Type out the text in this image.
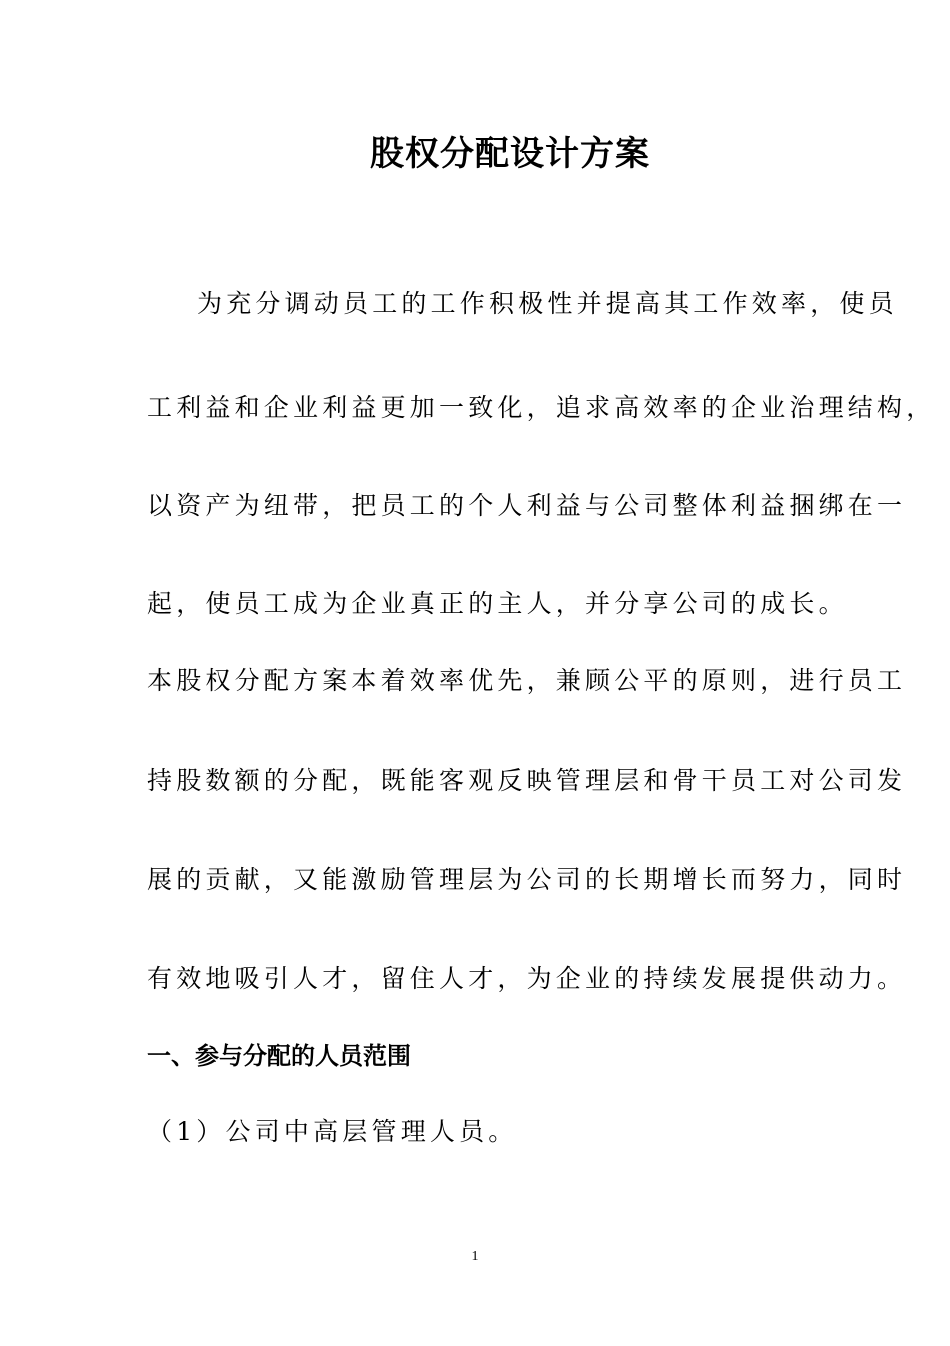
股权分配设计方案
为充分调动员工的工作积极性并提高其工作效率，使员
工利益和企业利益更加一致化，追求高效率的企业治理结构，
以资产为纽带，把员工的个人利益与公司整体利益捆绑在一
起，使员工成为企业真正的主人，并分享公司的成长。
本股权分配方案本着效率优先，兼顾公平的原则，进行员工
持股数额的分配，既能客观反映管理层和骨干员工对公司发
展的贡献，又能激励管理层为公司的长期增长而努力，同时
有效地吸引人才，留住人才，为企业的持续发展提供动力。
一、参与分配的人员范围
（1）公司中高层管理人员。
1
